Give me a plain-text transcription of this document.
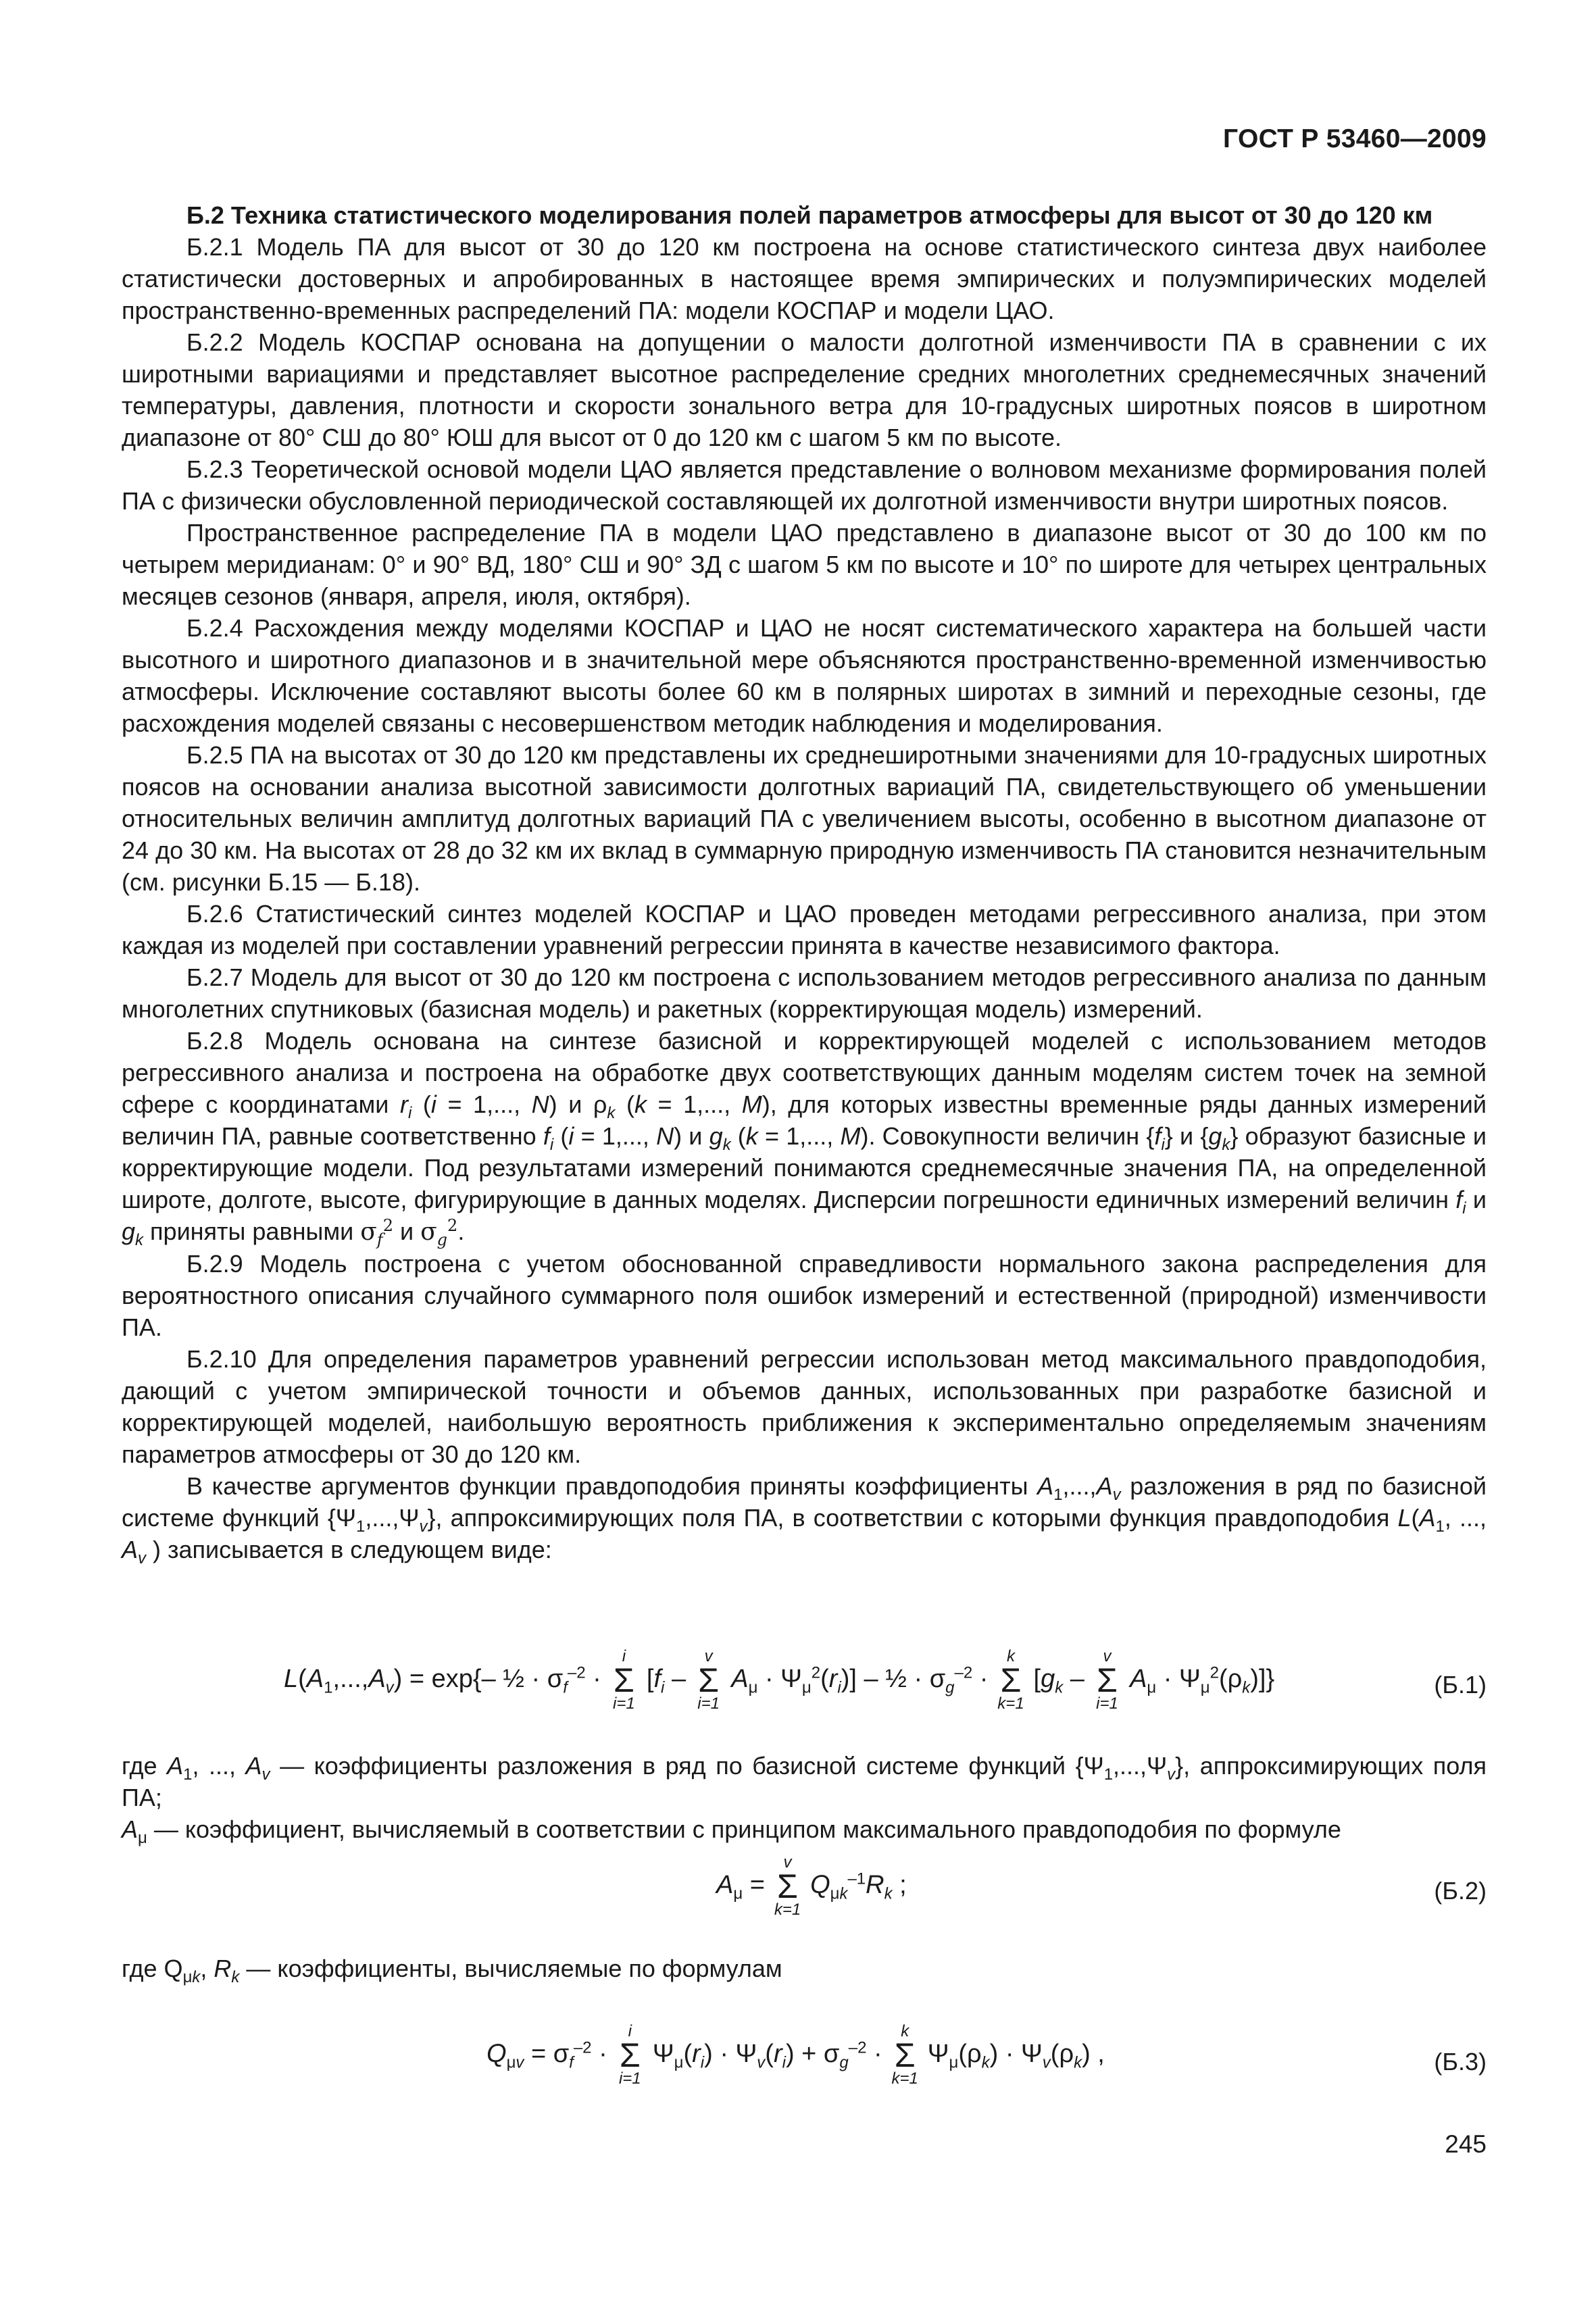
ГОСТ Р 53460—2009

Б.2 Техника статистического моделирования полей параметров атмосферы для высот от 30 до 120 км

Б.2.1 Модель ПА для высот от 30 до 120 км построена на основе статистического синтеза двух наиболее статистически достоверных и апробированных в настоящее время эмпирических и полуэмпирических моделей пространственно-временных распределений ПА: модели КОСПАР и модели ЦАО.

Б.2.2 Модель КОСПАР основана на допущении о малости долготной изменчивости ПА в сравнении с их широтными вариациями и представляет высотное распределение средних многолетних среднемесячных значений температуры, давления, плотности и скорости зонального ветра для 10-градусных широтных поясов в широтном диапазоне от 80° СШ до 80° ЮШ для высот от 0 до 120 км с шагом 5 км по высоте.

Б.2.3 Теоретической основой модели ЦАО является представление о волновом механизме формирования полей ПА с физически обусловленной периодической составляющей их долготной изменчивости внутри широтных поясов.

Пространственное распределение ПА в модели ЦАО представлено в диапазоне высот от 30 до 100 км по четырем меридианам: 0° и 90° ВД, 180° СШ и 90° ЗД с шагом 5 км по высоте и 10° по широте для четырех центральных месяцев сезонов (января, апреля, июля, октября).

Б.2.4 Расхождения между моделями КОСПАР и ЦАО не носят систематического характера на большей части высотного и широтного диапазонов и в значительной мере объясняются пространственно-временной изменчивостью атмосферы. Исключение составляют высоты более 60 км в полярных широтах в зимний и переходные сезоны, где расхождения моделей связаны с несовершенством методик наблюдения и моделирования.

Б.2.5 ПА на высотах от 30 до 120 км представлены их среднеширотными значениями для 10-градусных широтных поясов на основании анализа высотной зависимости долготных вариаций ПА, свидетельствующего об уменьшении относительных величин амплитуд долготных вариаций ПА с увеличением высоты, особенно в высотном диапазоне от 24 до 30 км. На высотах от 28 до 32 км их вклад в суммарную природную изменчивость ПА становится незначительным (см. рисунки Б.15 — Б.18).

Б.2.6 Статистический синтез моделей КОСПАР и ЦАО проведен методами регрессивного анализа, при этом каждая из моделей при составлении уравнений регрессии принята в качестве независимого фактора.

Б.2.7 Модель для высот от 30 до 120 км построена с использованием методов регрессивного анализа по данным многолетних спутниковых (базисная модель) и ракетных (корректирующая модель) измерений.

Б.2.8 Модель основана на синтезе базисной и корректирующей моделей с использованием методов регрессивного анализа и построена на обработке двух соответствующих данным моделям систем точек на земной сфере с координатами $r_i$ (i = 1,..., N) и $\rho_k$ (k = 1,..., M), для которых известны временные ряды данных измерений величин ПА, равные соответственно $f_i$ (i = 1,..., N) и $g_k$ (k = 1,..., M). Совокупности величин $\{f_i\}$ и $\{g_k\}$ образуют базисные и корректирующие модели. Под результатами измерений понимаются среднемесячные значения ПА, на определенной широте, долготе, высоте, фигурирующие в данных моделях. Дисперсии погрешности единичных измерений величин $f_i$ и $g_k$ приняты равными $\sigma_f^2$ и $\sigma_g^2$.

Б.2.9 Модель построена с учетом обоснованной справедливости нормального закона распределения для вероятностного описания случайного суммарного поля ошибок измерений и естественной (природной) изменчивости ПА.

Б.2.10 Для определения параметров уравнений регрессии использован метод максимального правдоподобия, дающий с учетом эмпирической точности и объемов данных, использованных при разработке базисной и корректирующей моделей, наибольшую вероятность приближения к экспериментально определяемым значениям параметров атмосферы от 30 до 120 км.

В качестве аргументов функции правдоподобия приняты коэффициенты $A_1,...,A_v$ разложения в ряд по базисной системе функций $\{\Psi_1,...,\Psi_v\}$, аппроксимирующих поля ПА, в соответствии с которыми функция правдоподобия $L(A_1$, ..., $A_v$ ) записывается в следующем виде:

$L(A_1,...,A_v) = \exp\{-$ ½ · $\sigma_f^{-2}$ ·
i
Σ
i=1
[$f_i$ –
v
Σ
i=1
$A_\mu \cdot \Psi_\mu^2(r_i)$] – ½ · $\sigma_g^{-2}$ ·
k
Σ
k=1
[$g_k$ –
v
Σ
i=1
$A_\mu \cdot \Psi_\mu^2(\rho_k)$]}	(Б.1)

где $A_1$, ..., $A_v$ — коэффициенты разложения в ряд по базисной системе функций $\{\Psi_1,...,\Psi_v\}$, аппроксимирующих поля ПА;

$A_\mu$ — коэффициент, вычисляемый в соответствии с принципом максимального правдоподобия по формуле

$A_\mu$ =
v
Σ
k=1
$Q_{\mu k}^{-1}R_k$ ;	(Б.2)

где $Q_{\mu k}$, $R_k$ — коэффициенты, вычисляемые по формулам

$Q_{\mu v} = \sigma_f^{-2}$ ·
i
Σ
i=1
$\Psi_\mu(r_i) \cdot \Psi_v(r_i) + \sigma_g^{-2}$ ·
k
Σ
k=1
$\Psi_\mu(\rho_k) \cdot \Psi_v(\rho_k)$ ,	(Б.3)
245
